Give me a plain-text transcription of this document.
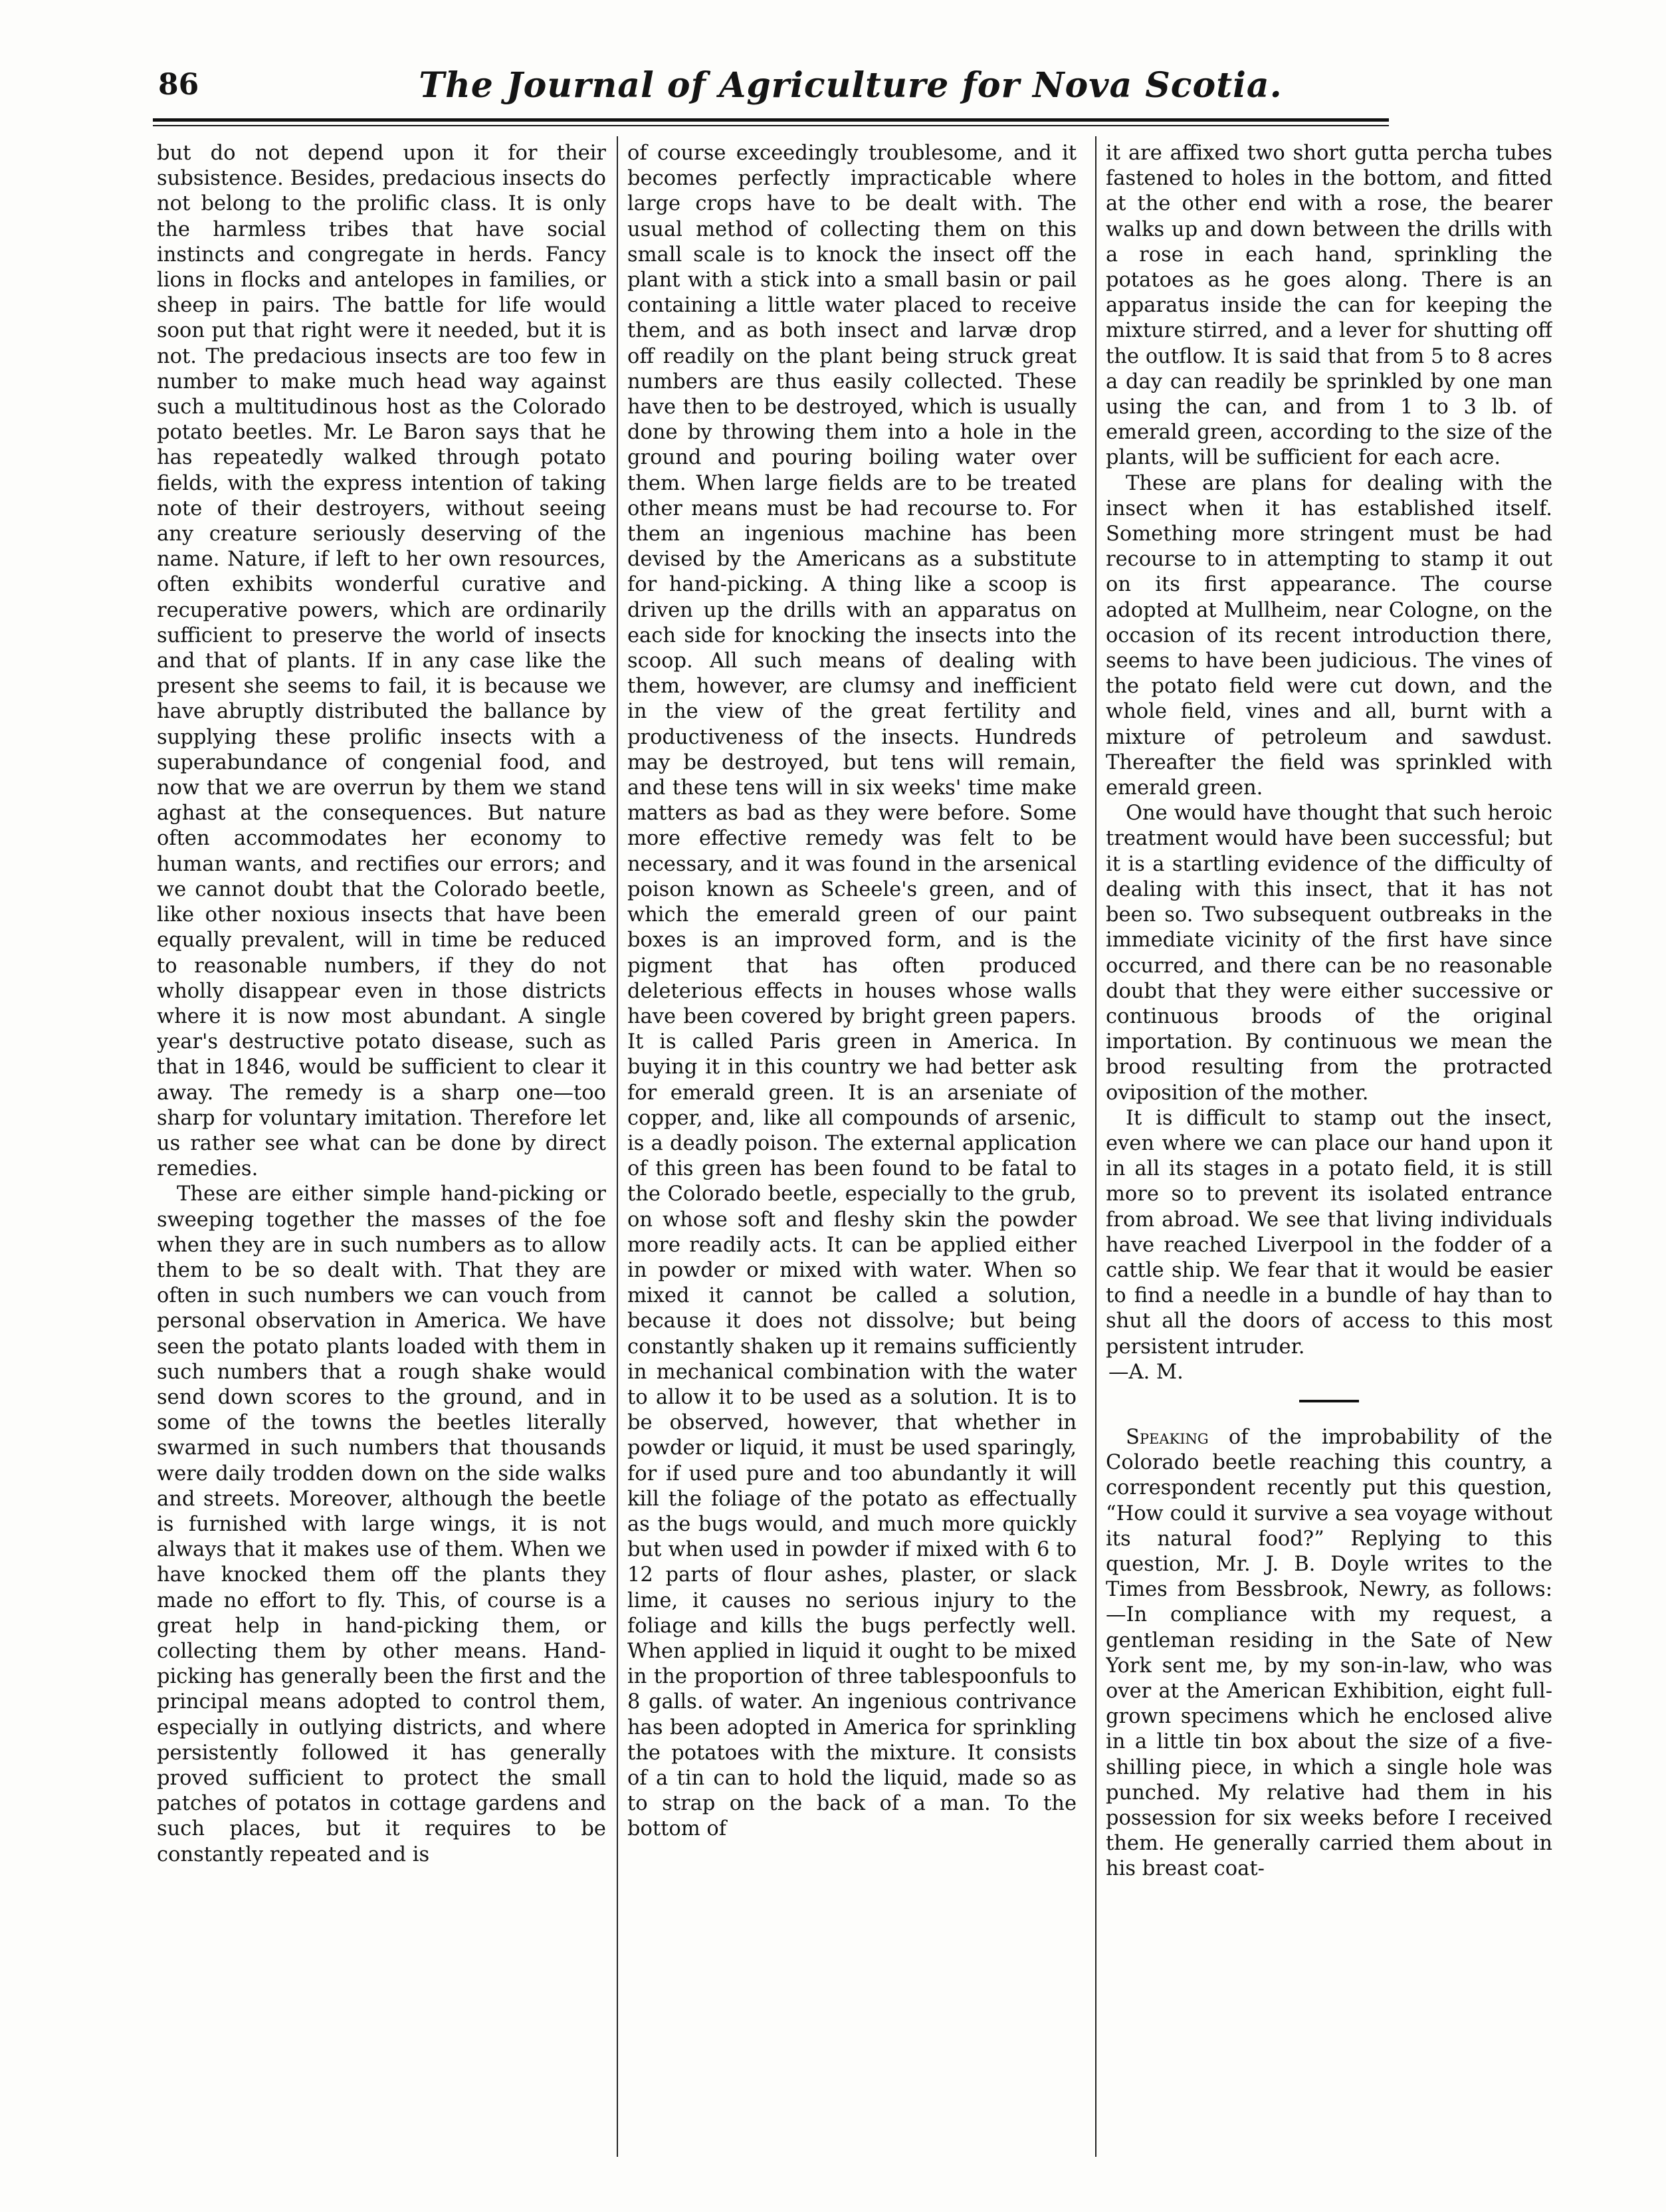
86	The Journal of Agriculture for Nova Scotia.

but do not depend upon it for their subsistence. Besides, predacious insects do not belong to the prolific class. It is only the harmless tribes that have social instincts and congregate in herds. Fancy lions in flocks and antelopes in families, or sheep in pairs. The battle for life would soon put that right were it needed, but it is not. The predacious insects are too few in number to make much head way against such a multitudinous host as the Colorado potato beetles. Mr. Le Baron says that he has repeatedly walked through potato fields, with the express intention of taking note of their destroyers, without seeing any creature seriously deserving of the name. Nature, if left to her own resources, often exhibits wonderful curative and recuperative powers, which are ordinarily sufficient to preserve the world of insects and that of plants. If in any case like the present she seems to fail, it is because we have abruptly distributed the ballance by supplying these prolific insects with a superabundance of congenial food, and now that we are overrun by them we stand aghast at the consequences. But nature often accommodates her economy to human wants, and rectifies our errors; and we cannot doubt that the Colorado beetle, like other noxious insects that have been equally prevalent, will in time be reduced to reasonable numbers, if they do not wholly disappear even in those districts where it is now most abundant. A single year's destructive potato disease, such as that in 1846, would be sufficient to clear it away. The remedy is a sharp one—too sharp for voluntary imitation. Therefore let us rather see what can be done by direct remedies.

These are either simple hand-picking or sweeping together the masses of the foe when they are in such numbers as to allow them to be so dealt with. That they are often in such numbers we can vouch from personal observation in America. We have seen the potato plants loaded with them in such numbers that a rough shake would send down scores to the ground, and in some of the towns the beetles literally swarmed in such numbers that thousands were daily trodden down on the side walks and streets. Moreover, although the beetle is furnished with large wings, it is not always that it makes use of them. When we have knocked them off the plants they made no effort to fly. This, of course is a great help in hand-picking them, or collecting them by other means. Hand-picking has generally been the first and the principal means adopted to control them, especially in outlying districts, and where persistently followed it has generally proved sufficient to protect the small patches of potatos in cottage gardens and such places, but it requires to be constantly repeated and is

of course exceedingly troublesome, and it becomes perfectly impracticable where large crops have to be dealt with. The usual method of collecting them on this small scale is to knock the insect off the plant with a stick into a small basin or pail containing a little water placed to receive them, and as both insect and larvæ drop off readily on the plant being struck great numbers are thus easily collected. These have then to be destroyed, which is usually done by throwing them into a hole in the ground and pouring boiling water over them. When large fields are to be treated other means must be had recourse to. For them an ingenious machine has been devised by the Americans as a substitute for hand-picking. A thing like a scoop is driven up the drills with an apparatus on each side for knocking the insects into the scoop. All such means of dealing with them, however, are clumsy and inefficient in the view of the great fertility and productiveness of the insects. Hundreds may be destroyed, but tens will remain, and these tens will in six weeks' time make matters as bad as they were before. Some more effective remedy was felt to be necessary, and it was found in the arsenical poison known as Scheele's green, and of which the emerald green of our paint boxes is an improved form, and is the pigment that has often produced deleterious effects in houses whose walls have been covered by bright green papers. It is called Paris green in America. In buying it in this country we had better ask for emerald green. It is an arseniate of copper, and, like all compounds of arsenic, is a deadly poison. The external application of this green has been found to be fatal to the Colorado beetle, especially to the grub, on whose soft and fleshy skin the powder more readily acts. It can be applied either in powder or mixed with water. When so mixed it cannot be called a solution, because it does not dissolve; but being constantly shaken up it remains sufficiently in mechanical combination with the water to allow it to be used as a solution. It is to be observed, however, that whether in powder or liquid, it must be used sparingly, for if used pure and too abundantly it will kill the foliage of the potato as effectually as the bugs would, and much more quickly but when used in powder if mixed with 6 to 12 parts of flour ashes, plaster, or slack lime, it causes no serious injury to the foliage and kills the bugs perfectly well. When applied in liquid it ought to be mixed in the proportion of three tablespoonfuls to 8 galls. of water. An ingenious contrivance has been adopted in America for sprinkling the potatoes with the mixture. It consists of a tin can to hold the liquid, made so as to strap on the back of a man. To the bottom of

it are affixed two short gutta percha tubes fastened to holes in the bottom, and fitted at the other end with a rose, the bearer walks up and down between the drills with a rose in each hand, sprinkling the potatoes as he goes along. There is an apparatus inside the can for keeping the mixture stirred, and a lever for shutting off the outflow. It is said that from 5 to 8 acres a day can readily be sprinkled by one man using the can, and from 1 to 3 lb. of emerald green, according to the size of the plants, will be sufficient for each acre.

These are plans for dealing with the insect when it has established itself. Something more stringent must be had recourse to in attempting to stamp it out on its first appearance. The course adopted at Mullheim, near Cologne, on the occasion of its recent introduction there, seems to have been judicious. The vines of the potato field were cut down, and the whole field, vines and all, burnt with a mixture of petroleum and sawdust. Thereafter the field was sprinkled with emerald green.

One would have thought that such heroic treatment would have been successful; but it is a startling evidence of the difficulty of dealing with this insect, that it has not been so. Two subsequent outbreaks in the immediate vicinity of the first have since occurred, and there can be no reasonable doubt that they were either successive or continuous broods of the original importation. By continuous we mean the brood resulting from the protracted oviposition of the mother.

It is difficult to stamp out the insect, even where we can place our hand upon it in all its stages in a potato field, it is still more so to prevent its isolated entrance from abroad. We see that living individuals have reached Liverpool in the fodder of a cattle ship. We fear that it would be easier to find a needle in a bundle of hay than to shut all the doors of access to this most persistent intruder.

—A. M.

Speaking of the improbability of the Colorado beetle reaching this country, a correspondent recently put this question, “How could it survive a sea voyage without its natural food?” Replying to this question, Mr. J. B. Doyle writes to the Times from Bessbrook, Newry, as follows:—In compliance with my request, a gentleman residing in the Sate of New York sent me, by my son-in-law, who was over at the American Exhibition, eight full-grown specimens which he enclosed alive in a little tin box about the size of a five-shilling piece, in which a single hole was punched. My relative had them in his possession for six weeks before I received them. He generally carried them about in his breast coat-
